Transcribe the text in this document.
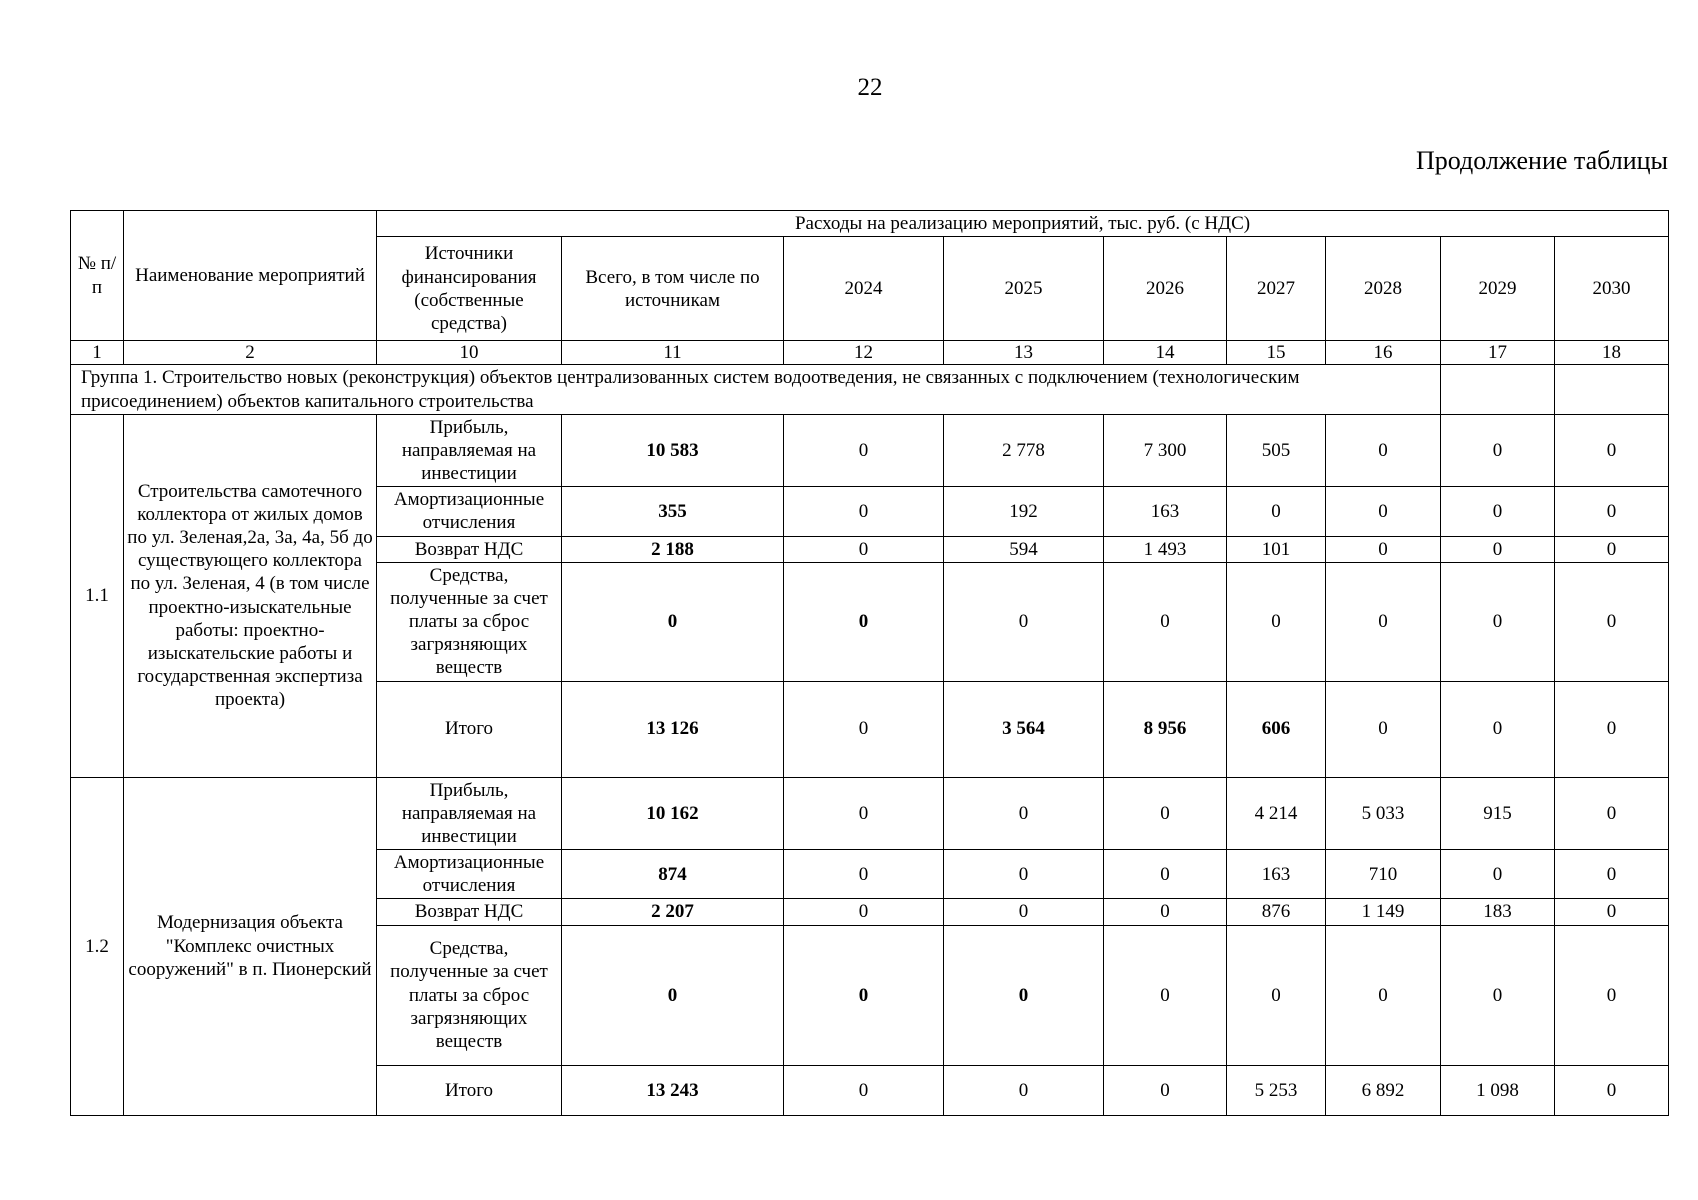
22
Продолжение таблицы
№ п/п	Наименование мероприятий	Расходы на реализацию мероприятий, тыс. руб. (с НДС)								
		Источники финансирования (собственные средства)	Всего, в том числе по источникам	2024	2025	2026	2027	2028	2029	2030
1	2	10	11	12	13	14	15	16	17	18
Группа 1. Строительство новых (реконструкция) объектов централизованных систем водоотведения, не связанных с подключением (технологическим присоединением) объектов капитального строительства										
1.1	Строительства самотечного коллектора от жилых домов по ул. Зеленая,2а, 3а, 4а, 5б до существующего коллектора по ул. Зеленая, 4 (в том числе проектно-изыскательные работы: проектно-изыскательские работы и государственная экспертиза проекта)	Прибыль, направляемая на инвестиции	10 583	0	2 778	7 300	505	0	0	0
		Амортизационные отчисления	355	0	192	163	0	0	0	0
		Возврат НДС	2 188	0	594	1 493	101	0	0	0
		Средства, полученные за счет платы за сброс загрязняющих веществ	0	0	0	0	0	0	0	0
		Итого	13 126	0	3 564	8 956	606	0	0	0
1.2	Модернизация объекта "Комплекс очистных сооружений" в п. Пионерский	Прибыль, направляемая на инвестиции	10 162	0	0	0	4 214	5 033	915	0
		Амортизационные отчисления	874	0	0	0	163	710	0	0
		Возврат НДС	2 207	0	0	0	876	1 149	183	0
		Средства, полученные за счет платы за сброс загрязняющих веществ	0	0	0	0	0	0	0	0
		Итого	13 243	0	0	0	5 253	6 892	1 098	0
